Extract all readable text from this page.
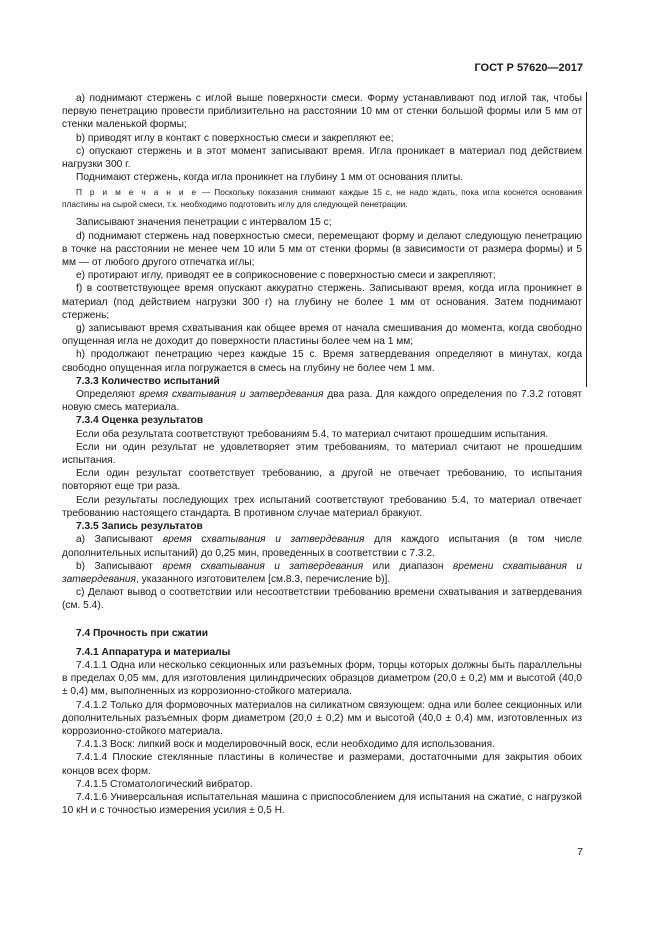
ГОСТ Р 57620—2017

а) поднимают стержень с иглой выше поверхности смеси. Форму устанавливают под иглой так, чтобы первую пенетрацию провести приблизительно на расстоянии 10 мм от стенки большой формы или 5 мм от стенки маленькой формы;

b) приводят иглу в контакт с поверхностью смеси и закрепляют ее;

c) опускают стержень и в этот момент записывают время. Игла проникает в материал под действием нагрузки 300 г.

Поднимают стержень, когда игла проникнет на глубину 1 мм от основания плиты.

П р и м е ч а н и е — Поскольку показания снимают каждые 15 с, не надо ждать, пока игла коснется основания пластины на сырой смеси, т.к. необходимо подготовить иглу для следующей пенетрации.

Записывают значения пенетрации с интервалом 15 с;

d) поднимают стержень над поверхностью смеси, перемещают форму и делают следующую пенетрацию в точке на расстоянии не менее чем 10 или 5 мм от стенки формы (в зависимости от размера формы) и 5 мм — от любого другого отпечатка иглы;

e) протирают иглу, приводят ее в соприкосновение с поверхностью смеси и закрепляют;

f) в соответствующее время опускают аккуратно стержень. Записывают время, когда игла проникнет в материал (под действием нагрузки 300 г) на глубину не более 1 мм от основания. Затем поднимают стержень;

g) записывают время схватывания как общее время от начала смешивания до момента, когда свободно опущенная игла не доходит до поверхности пластины более чем на 1 мм;

h) продолжают пенетрацию через каждые 15 с. Время затвердевания определяют в минутах, когда свободно опущенная игла погружается в смесь на глубину не более чем 1 мм.

7.3.3 Количество испытаний

Определяют время схватывания и затвердевания два раза. Для каждого определения по 7.3.2 готовят новую смесь материала.

7.3.4 Оценка результатов

Если оба результата соответствуют требованиям 5.4, то материал считают прошедшим испытания.

Если ни один результат не удовлетворяет этим требованиям, то материал считают не прошедшим испытания.

Если один результат соответствует требованию, а другой не отвечает требованию, то испытания повторяют еще три раза.

Если результаты последующих трех испытаний соответствуют требованию 5.4, то материал отвечает требованию настоящего стандарта. В противном случае материал бракуют.

7.3.5 Запись результатов

а) Записывают время схватывания и затвердевания для каждого испытания (в том числе дополнительных испытаний) до 0,25 мин, проведенных в соответствии с 7.3.2.

b) Записывают время схватывания и затвердевания или диапазон времени схватывания и затвердевания, указанного изготовителем [см.8.3, перечисление b)].

c) Делают вывод о соответствии или несоответствии требованию времени схватывания и затвердевания (см. 5.4).

7.4 Прочность при сжатии
7.4.1 Аппаратура и материалы

7.4.1.1 Одна или несколько секционных или разъемных форм, торцы которых должны быть параллельны в пределах 0,05 мм, для изготовления цилиндрических образцов диаметром (20,0 ± 0,2) мм и высотой (40,0 ± 0,4) мм, выполненных из коррозионно-стойкого материала.

7.4.1.2 Только для формовочных материалов на силикатном связующем: одна или более секционных или дополнительных разъемных форм диаметром (20,0 ± 0,2) мм и высотой (40,0 ± 0,4) мм, изготовленных из коррозионно-стойкого материала.

7.4.1.3 Воск: липкий воск и моделировочный воск, если необходимо для использования.

7.4.1.4 Плоские стеклянные пластины в количестве и размерами, достаточными для закрытия обоих концов всех форм.

7.4.1.5 Стоматологический вибратор.

7.4.1.6 Универсальная испытательная машина с приспособлением для испытания на сжатие, с нагрузкой 10 кН и с точностью измерения усилия ± 0,5 Н.

7
